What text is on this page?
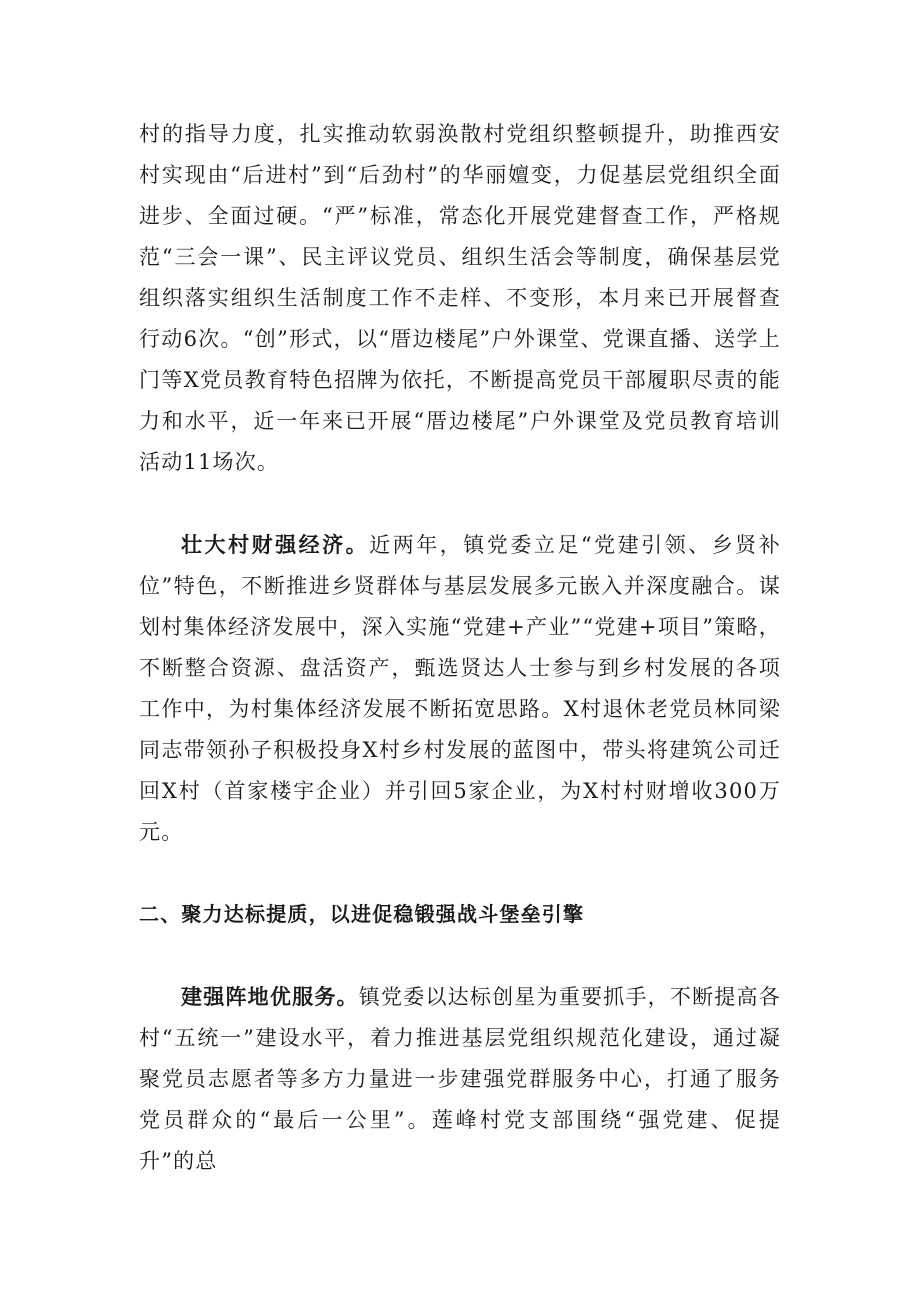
村的指导力度，扎实推动软弱涣散村党组织整顿提升，助推西安村实现由“后进村”到“后劲村”的华丽嬗变，力促基层党组织全面进步、全面过硬。“严”标准，常态化开展党建督查工作，严格规范“三会一课”、民主评议党员、组织生活会等制度，确保基层党组织落实组织生活制度工作不走样、不变形，本月来已开展督查行动6次。“创”形式，以“厝边楼尾”户外课堂、党课直播、送学上门等X党员教育特色招牌为依托，不断提高党员干部履职尽责的能力和水平，近一年来已开展“厝边楼尾”户外课堂及党员教育培训活动11场次。

壮大村财强经济。近两年，镇党委立足“党建引领、乡贤补位”特色，不断推进乡贤群体与基层发展多元嵌入并深度融合。谋划村集体经济发展中，深入实施“党建+产业”“党建+项目”策略，不断整合资源、盘活资产，甄选贤达人士参与到乡村发展的各项工作中，为村集体经济发展不断拓宽思路。X村退休老党员林同梁同志带领孙子积极投身X村乡村发展的蓝图中，带头将建筑公司迁回X村（首家楼宇企业）并引回5家企业，为X村村财增收300万元。

二、聚力达标提质，以进促稳锻强战斗堡垒引擎

建强阵地优服务。镇党委以达标创星为重要抓手，不断提高各村“五统一”建设水平，着力推进基层党组织规范化建设，通过凝聚党员志愿者等多方力量进一步建强党群服务中心，打通了服务党员群众的“最后一公里”。莲峰村党支部围绕“强党建、促提升”的总
